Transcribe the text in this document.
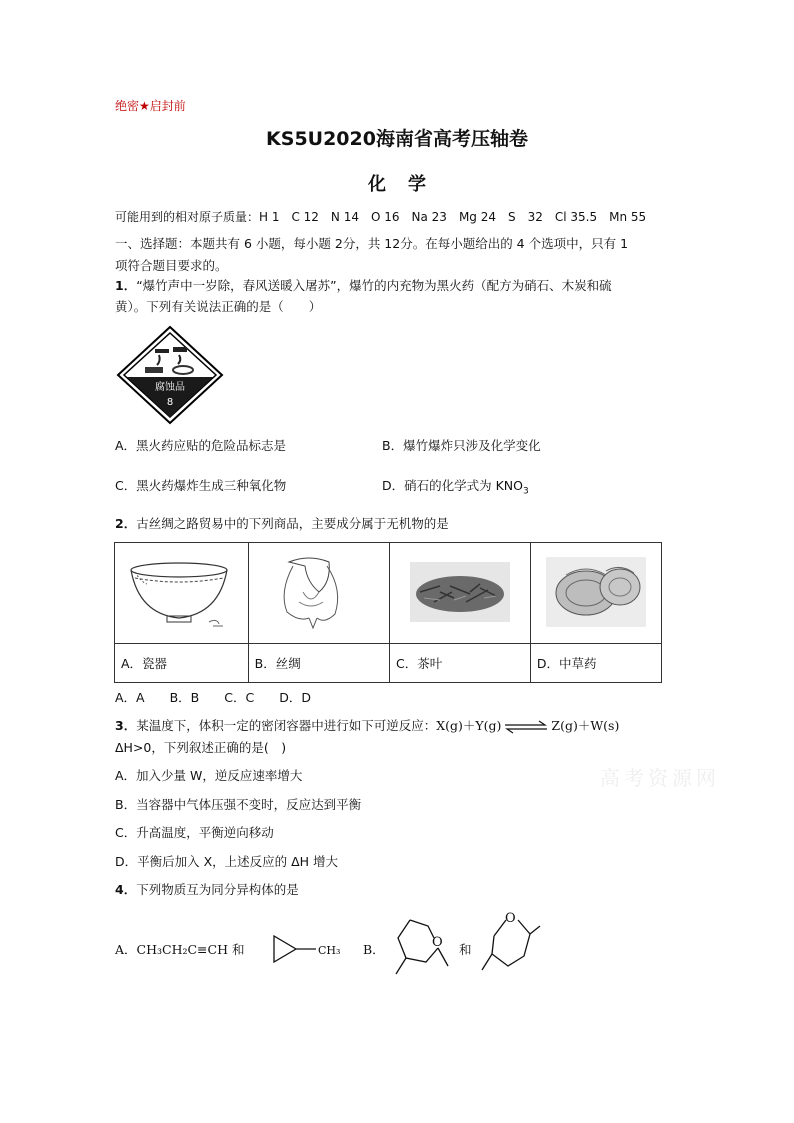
绝密★启封前
KS5U2020海南省高考压轴卷
化学
可能用到的相对原子质量：H 1　C 12　N 14　O 16　Na 23　Mg 24　S　32　Cl 35.5　Mn 55
一、选择题：本题共有 6 小题，每小题 2分，共 12分。在每小题给出的 4 个选项中，只有 1
项符合题目要求的。
1．“爆竹声中一岁除，春风送暖入屠苏”，爆竹的内充物为黑火药（配方为硝石、木炭和硫
黄）。下列有关说法正确的是（　　）
腐蚀品
8
A．黑火药应贴的危险品标志是	B．爆竹爆炸只涉及化学变化
C．黑火药爆炸生成三种氧化物	D．硝石的化学式为 $KNO_3$
2．古丝绸之路贸易中的下列商品，主要成分属于无机物的是

A．瓷器	B．丝绸	C．茶叶	D．中草药
A．A　　B．B　　C．C　　D．D
3．某温度下，体积一定的密闭容器中进行如下可逆反应：X(g)＋Y(g) ⇌ Z(g)＋W(s)
ΔH>0，下列叙述正确的是(　)
A．加入少量 W，逆反应速率增大
B．当容器中气体压强不变时，反应达到平衡
C．升高温度，平衡逆向移动
D．平衡后加入 X，上述反应的 ΔH 增大
高考资源网
4．下列物质互为同分异构体的是
A．CH₃CH₂C≡CH 和	CH₃ B．	O 和
O
